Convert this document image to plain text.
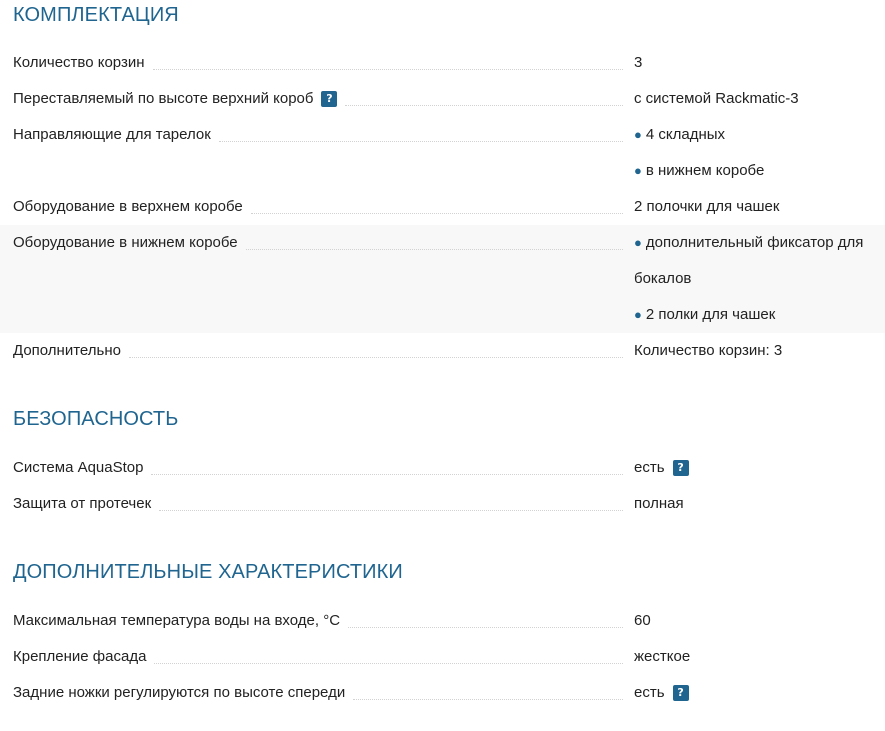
КОМПЛЕКТАЦИЯ
Количество корзин	3
Переставляемый по высоте верхний короб	?	с системой Rackmatic-3
Направляющие для тарелок	● 4 складных
● в нижнем коробе
Оборудование в верхнем коробе	2 полочки для чашек
Оборудование в нижнем коробе	● дополнительный фиксатор для
бокалов
● 2 полки для чашек
Дополнительно	Количество корзин: 3
БЕЗОПАСНОСТЬ
Система AquaStop	есть	?
Защита от протечек	полная
ДОПОЛНИТЕЛЬНЫЕ ХАРАКТЕРИСТИКИ
Максимальная температура воды на входе, °C	60
Крепление фасада	жесткое
Задние ножки регулируются по высоте спереди	есть	?
